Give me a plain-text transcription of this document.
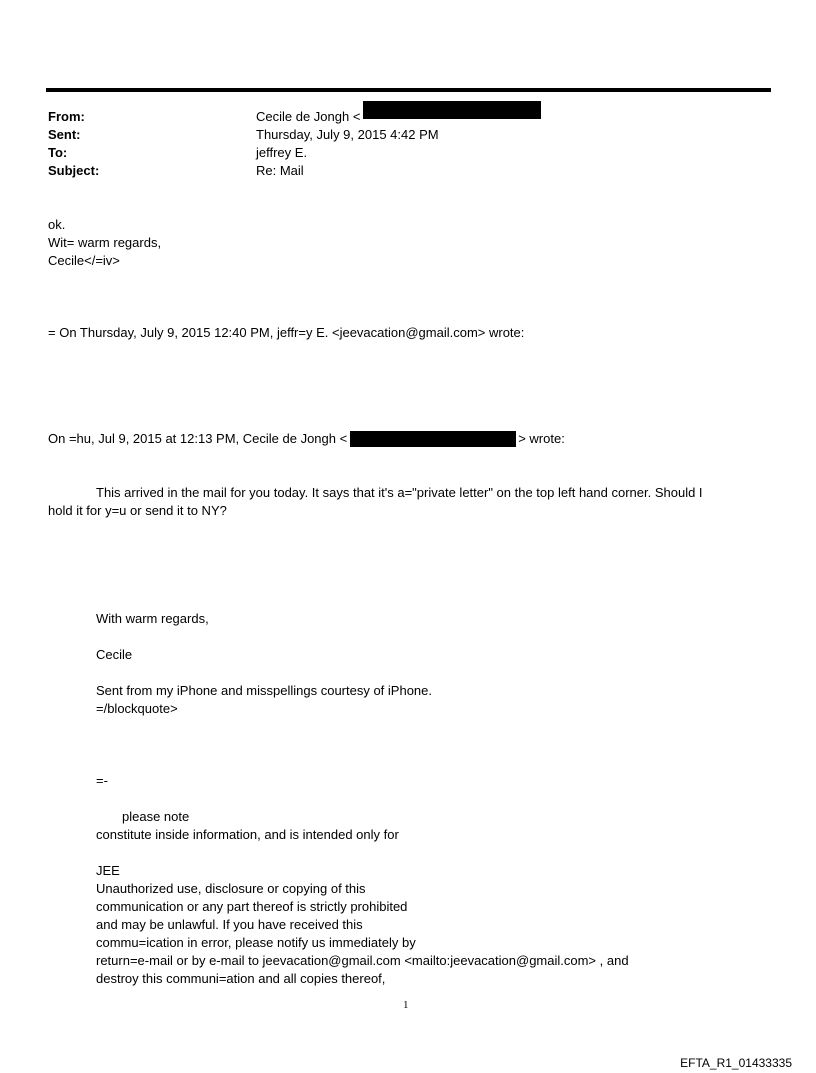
From:	Cecile de Jongh <
Sent:	Thursday, July 9, 2015 4:42 PM
To:	jeffrey E.
Subject:	Re: Mail
ok.
Wit= warm regards,
Cecile</=iv>
= On Thursday, July 9, 2015 12:40 PM, jeffr=y E. <jeevacation@gmail.com> wrote:
On =hu, Jul 9, 2015 at 12:13 PM, Cecile de Jongh <	> wrote:
This arrived in the mail for you today. It says that it's a="private letter" on the top left hand corner. Should I
hold it for y=u or send it to NY?
With warm regards,
Cecile
Sent from my iPhone and misspellings courtesy of iPhone.
=/blockquote>
=-
please note
constitute inside information, and is intended only for
JEE
Unauthorized use, disclosure or copying of this
communication or any part thereof is strictly prohibited
and may be unlawful. If you have received this
commu=ication in error, please notify us immediately by
return=e-mail or by e-mail to jeevacation@gmail.com <mailto:jeevacation@gmail.com> , and
destroy this communi=ation and all copies thereof,
1
EFTA_R1_01433335
